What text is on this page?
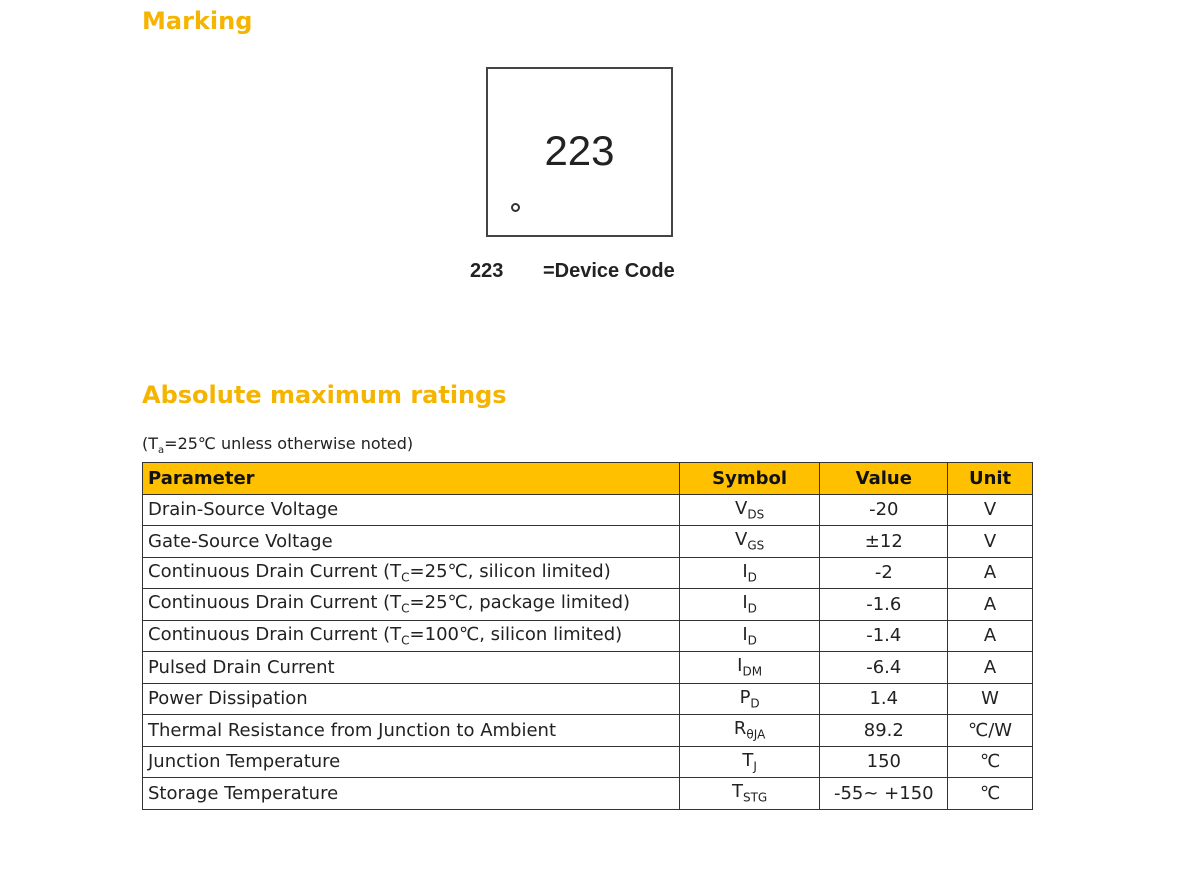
Marking
223
223 =Device Code
Absolute maximum ratings
($T_a=25℃$ unless otherwise noted)
Parameter	Symbol	Value	Unit
Drain-Source Voltage	$V_{DS}$	-20	V
Gate-Source Voltage	$V_{GS}$	±12	V
Continuous Drain Current ($T_C=25℃$, silicon limited)	$I_D$	-2	A
Continuous Drain Current ($T_C=25℃$, package limited)	$I_D$	-1.6	A
Continuous Drain Current ($T_C=100℃$, silicon limited)	$I_D$	-1.4	A
Pulsed Drain Current	$I_{DM}$	-6.4	A
Power Dissipation	$P_D$	1.4	W
Thermal Resistance from Junction to Ambient	$R_{\theta JA}$	89.2	℃/W
Junction Temperature	$T_J$	150	℃
Storage Temperature	$T_{STG}$	-55~ +150	℃
